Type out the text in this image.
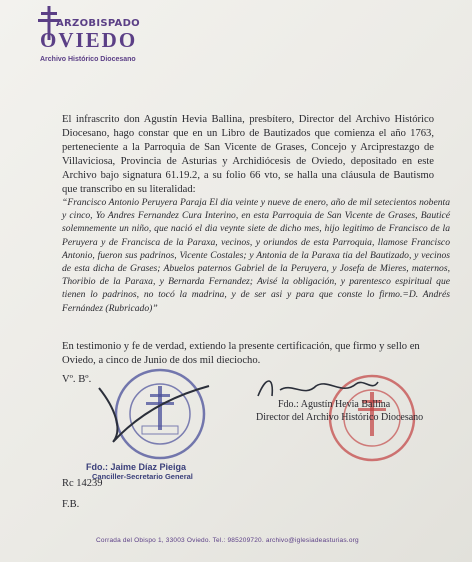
ARZOBISPADO
OVIEDO
Archivo Histórico Diocesano
El infrascrito don Agustín Hevia Ballina, presbítero, Director del Archivo Histórico Diocesano, hago constar que en un Libro de Bautizados que comienza el año 1763, perteneciente a la Parroquia de San Vicente de Grases, Concejo y Arciprestazgo de Villaviciosa, Provincia de Asturias y Archidiócesis de Oviedo, depositado en este Archivo bajo signatura 61.19.2, a su folio 66 vto, se halla una cláusula de Bautismo que transcribo en su literalidad:
“Francisco Antonio Peruyera Paraja El dia veinte y nueve de enero, año de mil setecientos nobenta y cinco, Yo Andres Fernandez Cura Interino, en esta Parroquia de San Vicente de Grases, Bauticé solemnemente un niño, que nació el dia veynte siete de dicho mes, hijo legitimo de Francisco de la Peruyera y de Francisca de la Paraxa, vecinos, y oriundos de esta Parroquia, llamose Francisco Antonio, fueron sus padrinos, Vicente Costales; y Antonia de la Paraxa tia del Bautizado, y vecinos de esta dicha de Grases; Abuelos paternos Gabriel de la Peruyera, y Josefa de Mieres, maternos, Thoribio de la Paraxa, y Bernarda Fernandez; Avisé la obligación, y parentesco espiritual que tienen lo padrinos, no tocó la madrina, y de ser asi y para que conste lo firmo.=D. Andrés Fernández (Rubricado)”
En testimonio y fe de verdad, extiendo la presente certificación, que firmo y sello en Oviedo, a cinco de Junio de dos mil dieciocho.
Vº. Bº.
Fdo.: Agustín Hevia Ballina
Director del Archivo Histórico Diocesano
Fdo.: Jaime Díaz Pieiga
Canciller-Secretario General
Rc 14239
F.B.
Corrada del Obispo 1, 33003 Oviedo. Tel.: 985209720. archivo@iglesiadeasturias.org
